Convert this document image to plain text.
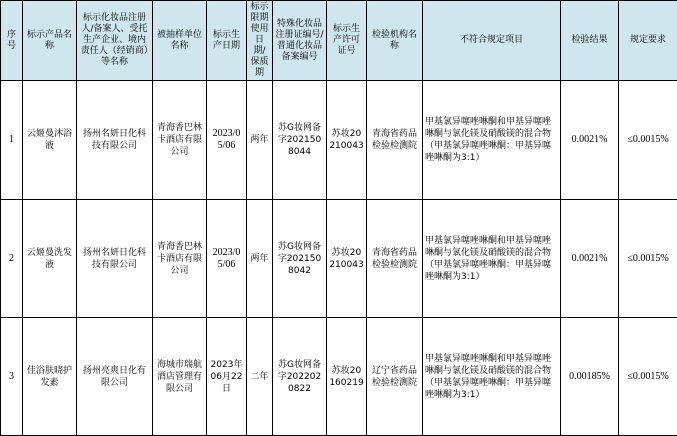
序号	标示产品名称	标示化妆品注册人/备案人、受托生产企业、境内责任人（经销商）等名称	被抽样单位名称	标示生产日期	标示限期使用日期/保质期	特殊化妆品注册证编号/普通化妆品备案编号	标示生产许可证号	检验机构名称	不符合规定项目	检验结果	规定要求
1	云姬曼沐浴液	扬州名妍日化科技有限公司	青海香巴林卡酒店有限公司	2023/05/06	两年	苏G妆网备字2021508044	苏妆20210043	青海省药品检验检测院	甲基氯异噻唑啉酮和甲基异噻唑啉酮与氯化镁及硝酸镁的混合物（甲基氯异噻唑啉酮：甲基异噻唑啉酮为3:1）	0.0021%	≤0.0015%
2	云姬曼洗发液	扬州名妍日化科技有限公司	青海香巴林卡酒店有限公司	2023/05/06	两年	苏G妆网备字2021508042	苏妆20210043	青海省药品检验检测院	甲基氯异噻唑啉酮和甲基异噻唑啉酮与氯化镁及硝酸镁的混合物（甲基氯异噻唑啉酮：甲基异噻唑啉酮为3:1）	0.0021%	≤0.0015%
3	佳浴肤晓护发素	扬州亮爽日化有限公司	海城市瑞航酒店管理有限公司	2023年06月22日	二年	苏G妆网备字2022020822	苏妆20160219	辽宁省药品检验检测院	甲基氯异噻唑啉酮和甲基异噻唑啉酮与氯化镁及硝酸镁的混合物（甲基氯异噻唑啉酮：甲基异噻唑啉酮为3:1）	0.00185%	≤0.0015%
